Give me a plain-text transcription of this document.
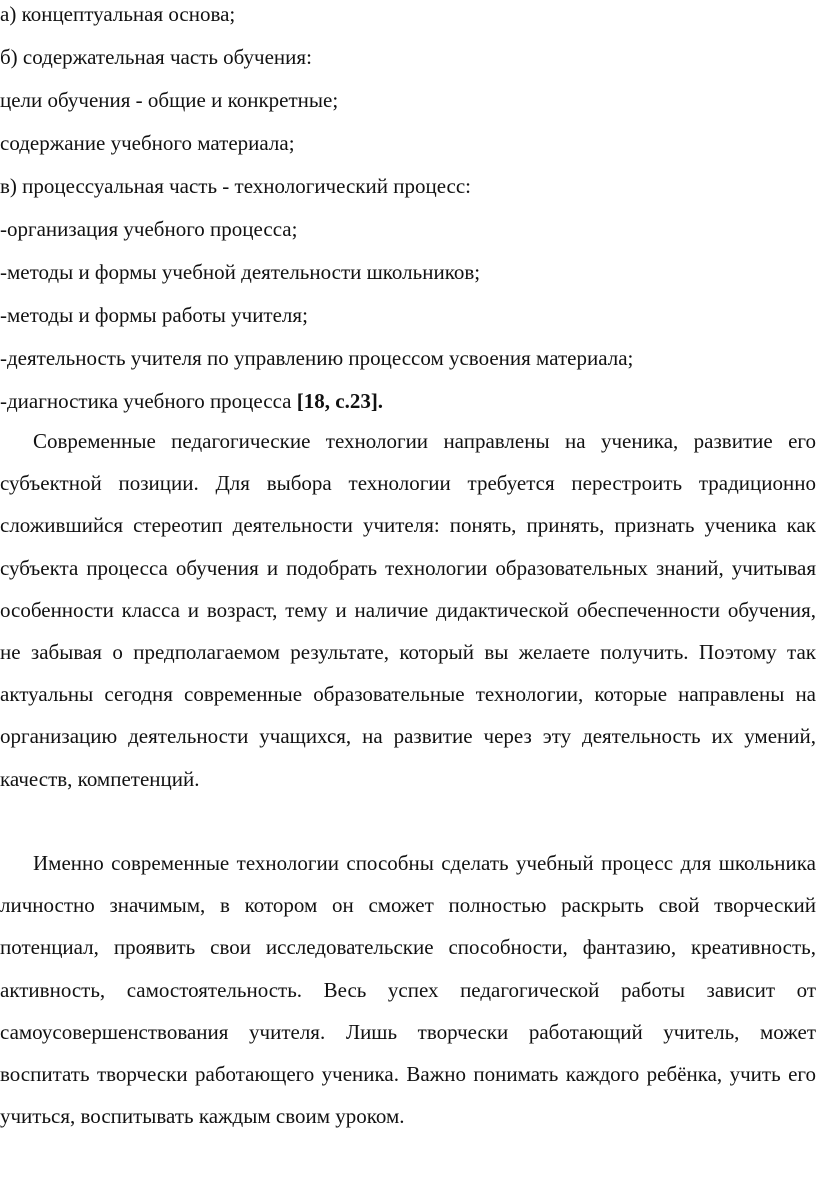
а) концептуальная основа;

б) содержательная часть обучения:

цели обучения - общие и конкретные;

содержание учебного материала;

в) процессуальная часть - технологический процесс:

-организация учебного процесса;

-методы и формы учебной деятельности школьников;

-методы и формы работы учителя;

-деятельность учителя по управлению процессом усвоения материала;

-диагностика учебного процесса [18, с.23].

Современные педагогические технологии направлены на ученика, развитие его субъектной позиции. Для выбора технологии требуется перестроить традиционно сложившийся стереотип деятельности учителя: понять, принять, признать ученика как субъекта процесса обучения и подобрать технологии образовательных знаний, учитывая особенности класса и возраст, тему и наличие дидактической обеспеченности обучения, не забывая о предполагаемом результате, который вы желаете получить. Поэтому так актуальны сегодня современные образовательные технологии, которые направлены на организацию деятельности учащихся, на развитие через эту деятельность их умений, качеств, компетенций.

Именно современные технологии способны сделать учебный процесс для школьника личностно значимым, в котором он сможет полностью раскрыть свой творческий потенциал, проявить свои исследовательские способности, фантазию, креативность, активность, самостоятельность. Весь успех педагогической работы зависит от самоусовершенствования учителя. Лишь творчески работающий учитель, может воспитать творчески работающего ученика. Важно понимать каждого ребёнка, учить его учиться, воспитывать каждым своим уроком.
